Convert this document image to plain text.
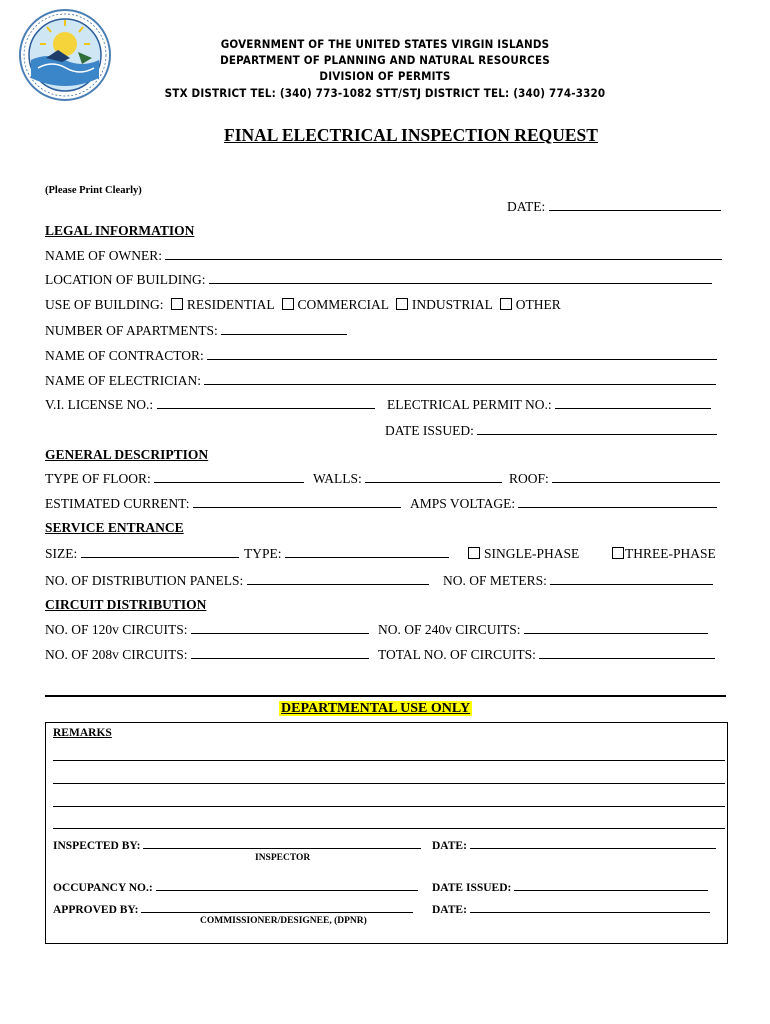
GOVERNMENT OF THE UNITED STATES VIRGIN ISLANDS
DEPARTMENT OF PLANNING AND NATURAL RESOURCES
DIVISION OF PERMITS
STX DISTRICT TEL: (340) 773-1082 STT/STJ DISTRICT TEL: (340) 774-3320
FINAL ELECTRICAL INSPECTION REQUEST
(Please Print Clearly)
DATE:
LEGAL INFORMATION
NAME OF OWNER:
LOCATION OF BUILDING:
USE OF BUILDING: RESIDENTIAL COMMERCIAL INDUSTRIAL OTHER
NUMBER OF APARTMENTS:
NAME OF CONTRACTOR:
NAME OF ELECTRICIAN:
V.I. LICENSE NO.:	ELECTRICAL PERMIT NO.:
DATE ISSUED:
GENERAL DESCRIPTION
TYPE OF FLOOR:	WALLS:	ROOF:
ESTIMATED CURRENT:	AMPS VOLTAGE:
SERVICE ENTRANCE
SIZE:	TYPE:	SINGLE-PHASE	THREE-PHASE
NO. OF DISTRIBUTION PANELS:	NO. OF METERS:
CIRCUIT DISTRIBUTION
NO. OF 120v CIRCUITS:	NO. OF 240v CIRCUITS:
NO. OF 208v CIRCUITS:	TOTAL NO. OF CIRCUITS:
DEPARTMENTAL USE ONLY
REMARKS
INSPECTED BY:	DATE:
INSPECTOR
OCCUPANCY NO.:	DATE ISSUED:
APPROVED BY:	DATE:
COMMISSIONER/DESIGNEE, (DPNR)
